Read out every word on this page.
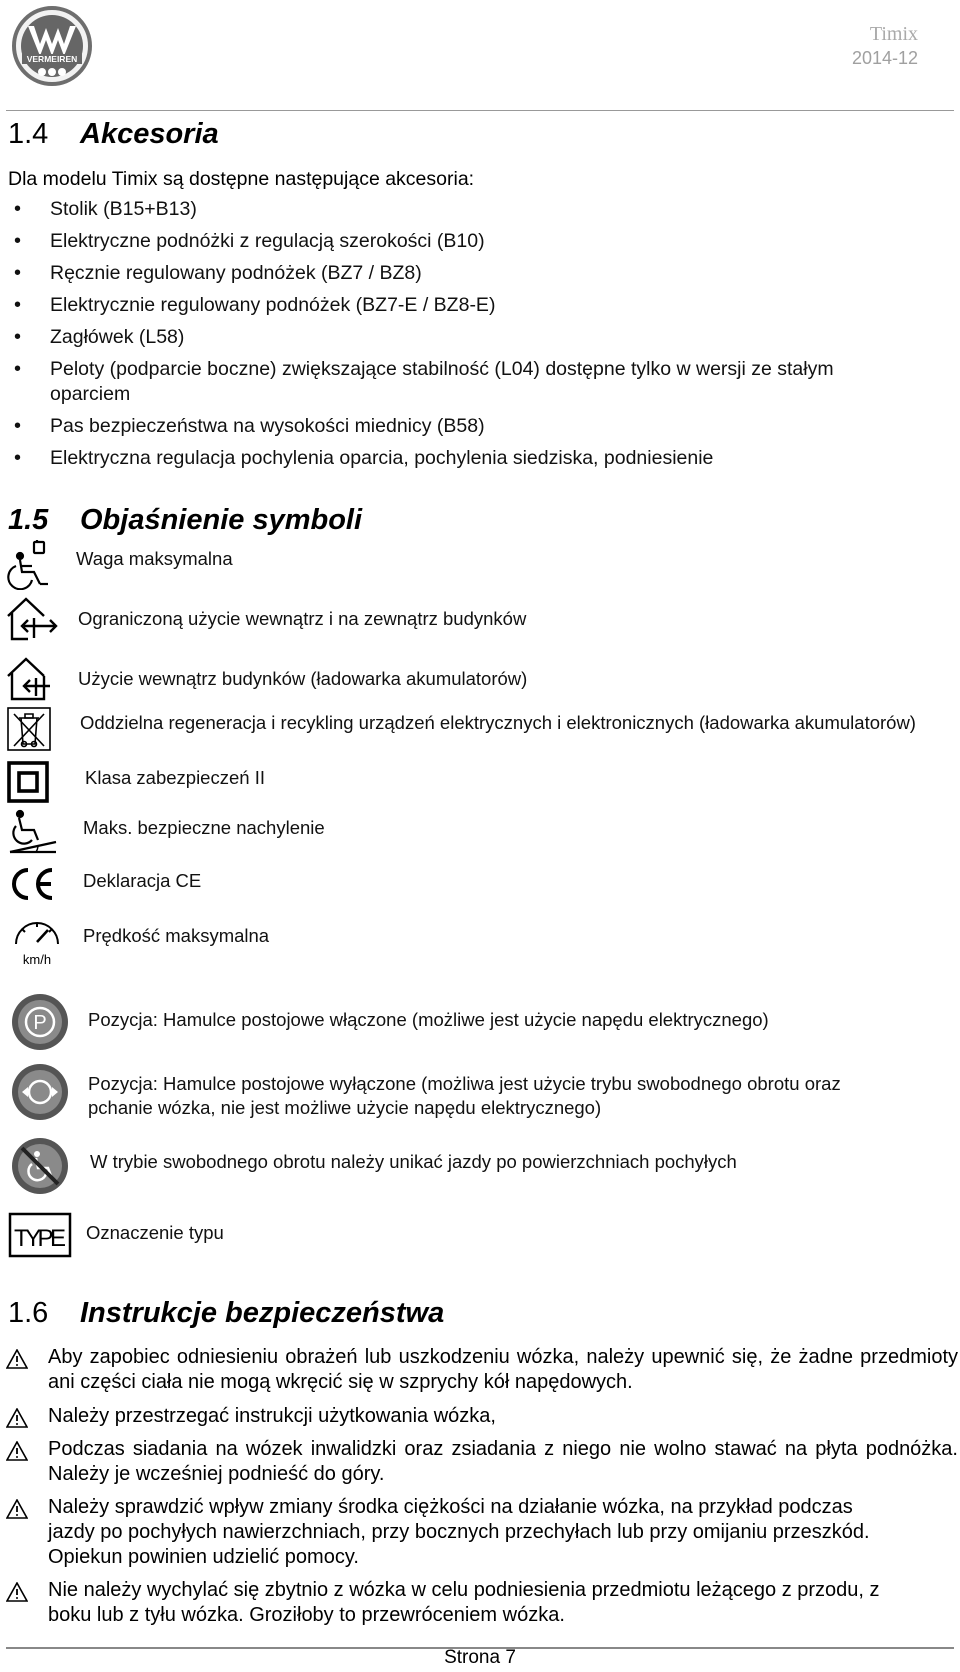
VERMEIREN
Timix
2014-12
1.4 Akcesoria
Dla modelu Timix są dostępne następujące akcesoria:
• Stolik (B15+B13)
• Elektryczne podnóżki z regulacją szerokości (B10)
• Ręcznie regulowany podnóżek (BZ7 / BZ8)
• Elektrycznie regulowany podnóżek (BZ7-E / BZ8-E)
• Zagłówek (L58)
• Peloty (podparcie boczne) zwiększające stabilność (L04) dostępne tylko w wersji ze stałym oparciem
• Pas bezpieczeństwa na wysokości miednicy (B58)
• Elektryczna regulacja pochylenia oparcia, pochylenia siedziska, podniesienie
1.5 Objaśnienie symboli
Waga maksymalna
Ograniczoną użycie wewnątrz i na zewnątrz budynków
Użycie wewnątrz budynków (ładowarka akumulatorów)
Oddzielna regeneracja i recykling urządzeń elektrycznych i elektronicznych (ładowarka akumulatorów)
Klasa zabezpieczeń II
Maks. bezpieczne nachylenie
Deklaracja CE
km/h
Prędkość maksymalna
P Pozycja: Hamulce postojowe włączone (możliwe jest użycie napędu elektrycznego)
Pozycja: Hamulce postojowe wyłączone (możliwa jest użycie trybu swobodnego obrotu oraz pchanie wózka, nie jest możliwe użycie napędu elektrycznego)
W trybie swobodnego obrotu należy unikać jazdy po powierzchniach pochyłych
TYPE Oznaczenie typu
1.6 Instrukcje bezpieczeństwa
Aby zapobiec odniesieniu obrażeń lub uszkodzeniu wózka, należy upewnić się, że żadne przedmioty ani części ciała nie mogą wkręcić się w szprychy kół napędowych.
Należy przestrzegać instrukcji użytkowania wózka,
Podczas siadania na wózek inwalidzki oraz zsiadania z niego nie wolno stawać na płyta podnóżka. Należy je wcześniej podnieść do góry.
Należy sprawdzić wpływ zmiany środka ciężkości na działanie wózka, na przykład podczas jazdy po pochyłych nawierzchniach, przy bocznych przechyłach lub przy omijaniu przeszkód. Opiekun powinien udzielić pomocy.
Nie należy wychylać się zbytnio z wózka w celu podniesienia przedmiotu leżącego z przodu, z boku lub z tyłu wózka. Groziłoby to przewróceniem wózka.
Strona 7
